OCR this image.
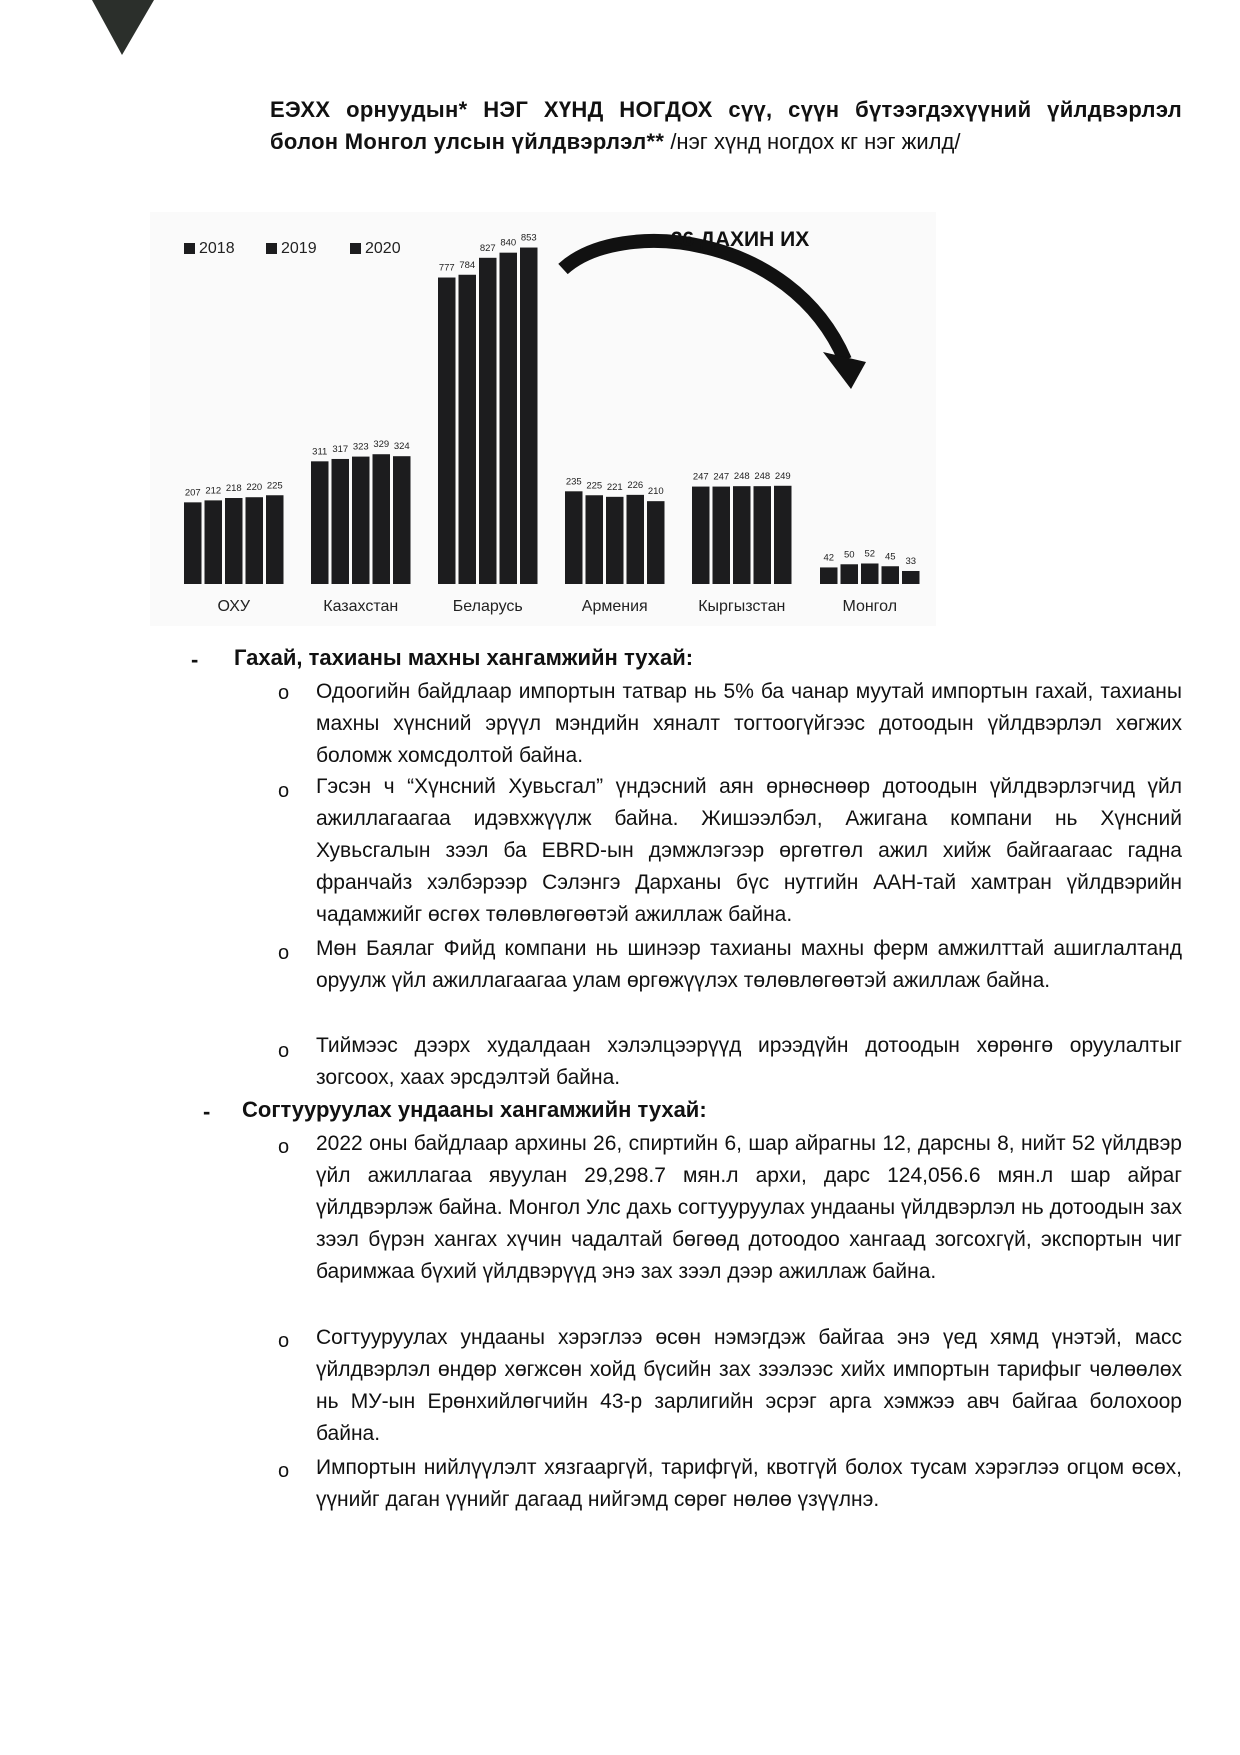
ЕЭХХ орнуудын* НЭГ ХҮНД НОГДОХ сүү, сүүн бүтээгдэхүүний үйлдвэрлэл болон Монгол улсын үйлдвэрлэл** /нэг хүнд ногдох кг нэг жилд/
2018	2019	2020
207 212 218 220 225
311 317 323 329 324
777 784
827 840 853
235 225 221 226
210
247 247 248 248 249
42 50 52 45 33
ОХУ	Казахстан	Беларусь	Армения	Кыргызстан	Монгол
26 ДАХИН ИХ
- Гахай, тахианы махны хангамжийн тухай:
o Одоогийн байдлаар импортын татвар нь 5% ба чанар муутай импортын гахай, тахианы махны хүнсний эрүүл мэндийн хяналт тогтоогүйгээс дотоодын үйлдвэрлэл хөгжих боломж хомсдолтой байна.
o Гэсэн ч “Хүнсний Хувьсгал” үндэсний аян өрнөснөөр дотоодын үйлдвэрлэгчид үйл ажиллагаагаа идэвхжүүлж байна. Жишээлбэл, Ажигана компани нь Хүнсний Хувьсгалын зээл ба EBRD-ын дэмжлэгээр өргөтгөл ажил хийж байгаагаас гадна франчайз хэлбэрээр Сэлэнгэ Дарханы бүс нутгийн ААН-тай хамтран үйлдвэрийн чадамжийг өсгөх төлөвлөгөөтэй ажиллаж байна.
o Мөн Баялаг Фийд компани нь шинээр тахианы махны ферм амжилттай ашиглалтанд оруулж үйл ажиллагаагаа улам өргөжүүлэх төлөвлөгөөтэй ажиллаж байна.
o Тиймээс дээрх худалдаан хэлэлцээрүүд ирээдүйн дотоодын хөрөнгө оруулалтыг зогсоох, хаах эрсдэлтэй байна.
- Согтууруулах ундааны хангамжийн тухай:
o 2022 оны байдлаар архины 26, спиртийн 6, шар айрагны 12, дарсны 8, нийт 52 үйлдвэр үйл ажиллагаа явуулан 29,298.7 мян.л архи, дарс 124,056.6 мян.л шар айраг үйлдвэрлэж байна. Монгол Улс дахь согтууруулах ундааны үйлдвэрлэл нь дотоодын зах зээл бүрэн хангах хүчин чадалтай бөгөөд дотоодоо хангаад зогсохгүй, экспортын чиг баримжаа бүхий үйлдвэрүүд энэ зах зээл дээр ажиллаж байна.
o Согтууруулах ундааны хэрэглээ өсөн нэмэгдэж байгаа энэ үед хямд үнэтэй, масс үйлдвэрлэл өндөр хөгжсөн хойд бүсийн зах зээлээс хийх импортын тарифыг чөлөөлөх нь МУ-ын Ерөнхийлөгчийн 43-р зарлигийн эсрэг арга хэмжээ авч байгаа болохоор байна.
o Импортын нийлүүлэлт хязгааргүй, тарифгүй, квотгүй болох тусам хэрэглээ огцом өсөх, үүнийг даган үүнийг дагаад нийгэмд сөрөг нөлөө үзүүлнэ.
